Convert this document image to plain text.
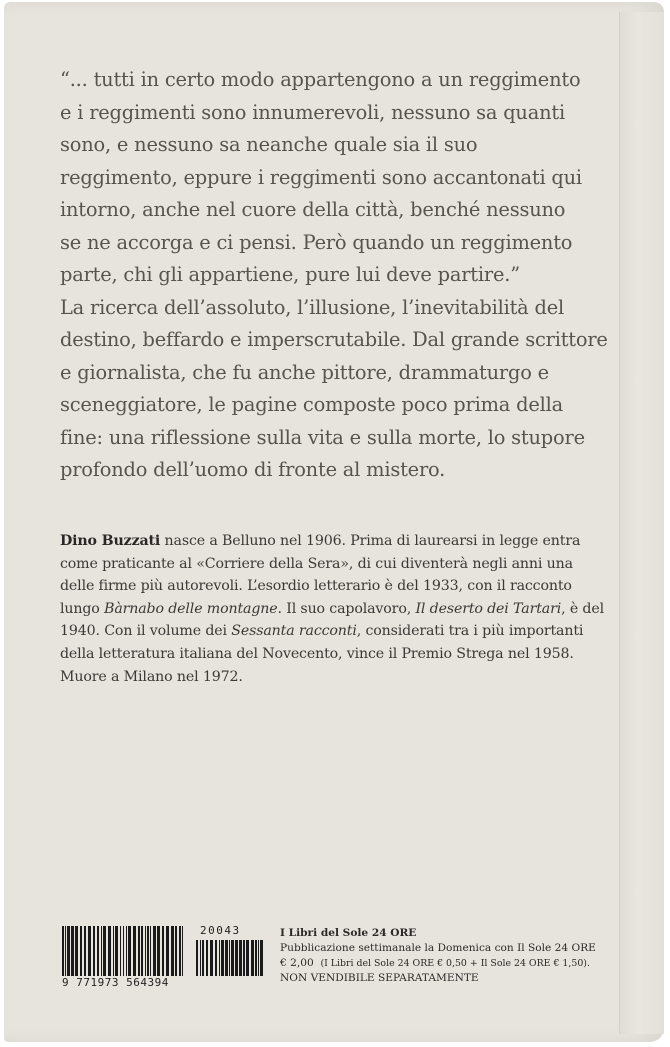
“... tutti in certo modo appartengono a un reggimento

e i reggimenti sono innumerevoli, nessuno sa quanti

sono, e nessuno sa neanche quale sia il suo

reggimento, eppure i reggimenti sono accantonati qui

intorno, anche nel cuore della città, benché nessuno

se ne accorga e ci pensi. Però quando un reggimento

parte, chi gli appartiene, pure lui deve partire.”

La ricerca dell’assoluto, l’illusione, l’inevitabilità del

destino, beffardo e imperscrutabile. Dal grande scrittore

e giornalista, che fu anche pittore, drammaturgo e

sceneggiatore, le pagine composte poco prima della

fine: una riflessione sulla vita e sulla morte, lo stupore

profondo dell’uomo di fronte al mistero.

Dino Buzzati nasce a Belluno nel 1906. Prima di laurearsi in legge entra come praticante al «Corriere della Sera», di cui diventerà negli anni una delle firme più autorevoli. L’esordio letterario è del 1933, con il racconto lungo Bàrnabo delle montagne. Il suo capolavoro, Il deserto dei Tartari, è del 1940. Con il volume dei Sessanta racconti, considerati tra i più importanti della letteratura italiana del Novecento, vince il Premio Strega nel 1958. Muore a Milano nel 1972.
20043
9 771973 564394
I Libri del Sole 24 ORE
Pubblicazione settimanale la Domenica con Il Sole 24 ORE
€ 2,00 (I Libri del Sole 24 ORE € 0,50 + Il Sole 24 ORE € 1,50).
NON VENDIBILE SEPARATAMENTE
